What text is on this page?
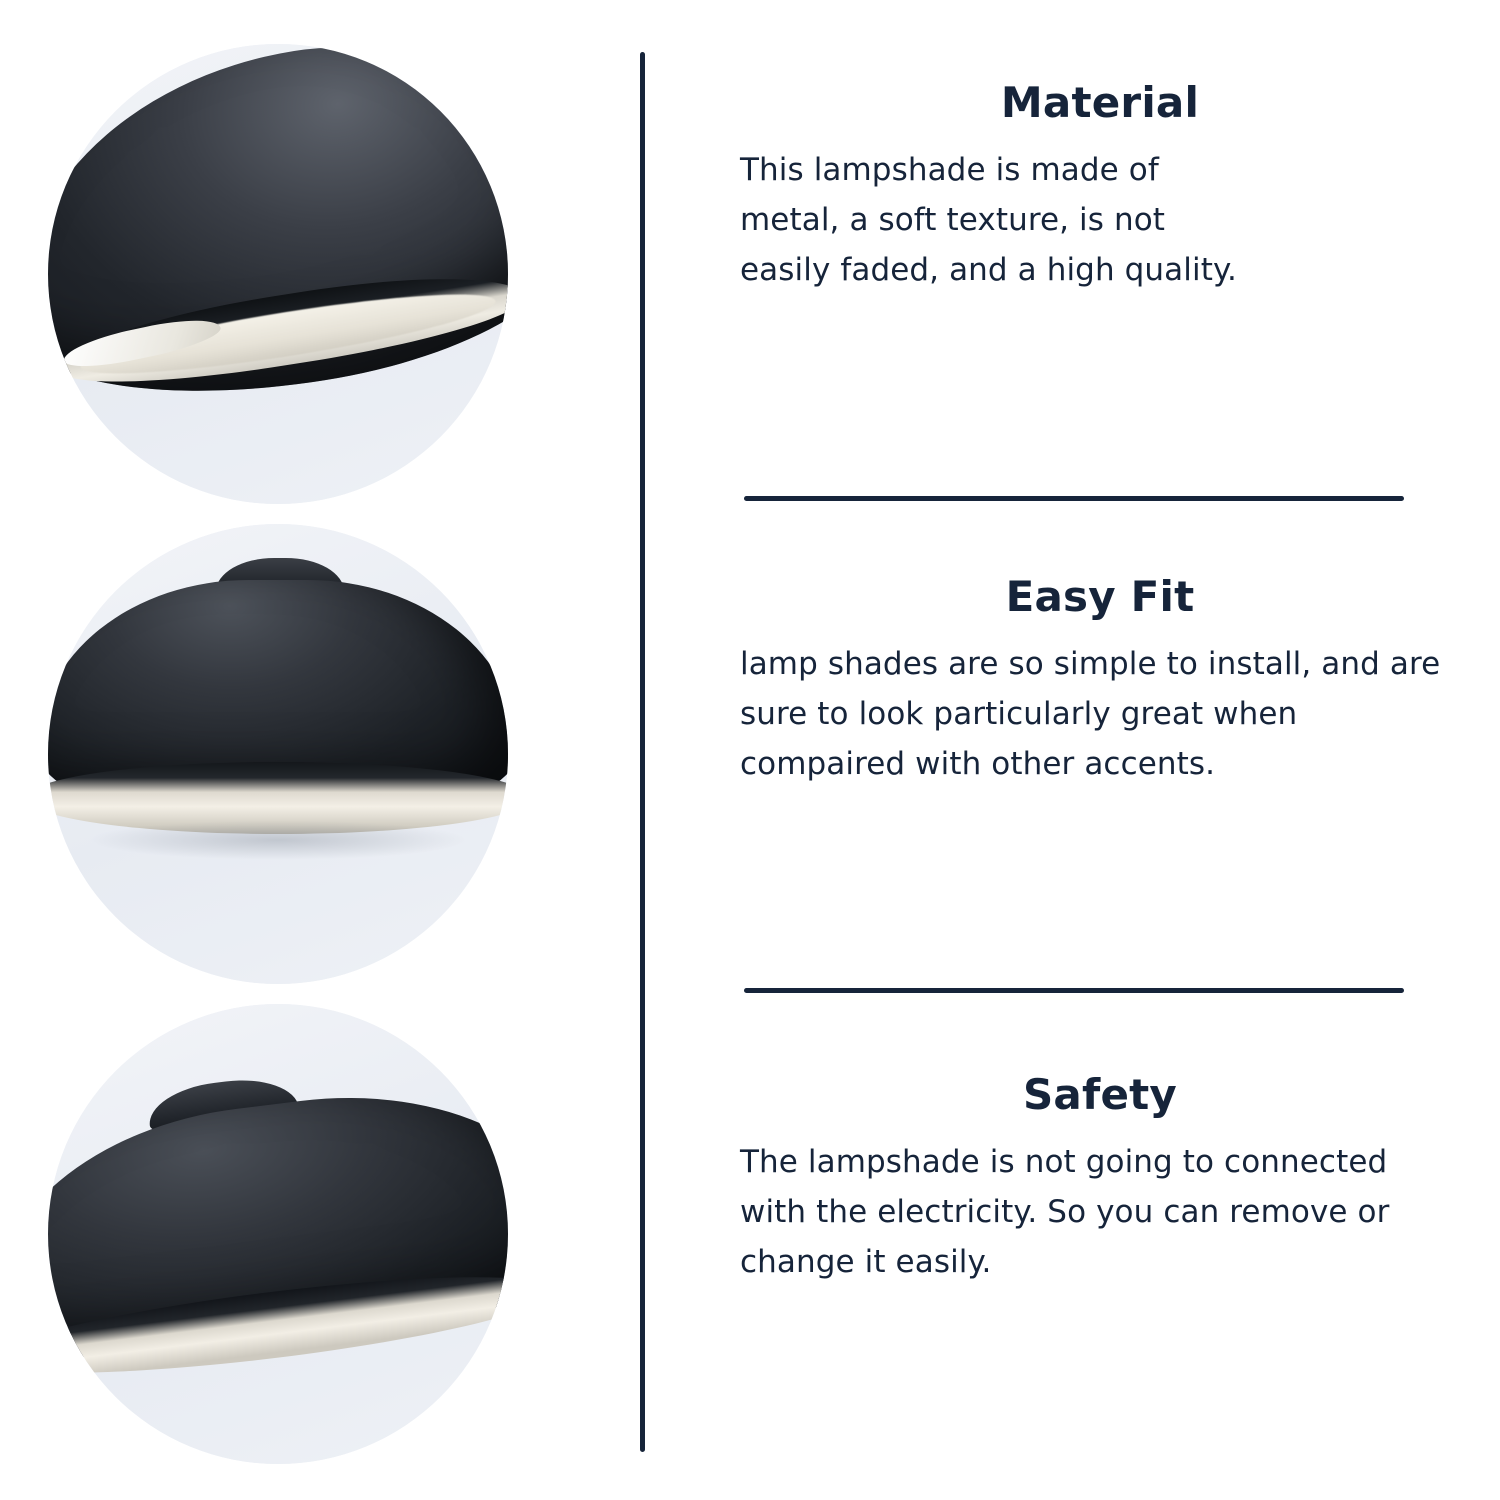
Material

This lampshade is made of metal, a soft texture, is not easily faded, and a high quality.

Easy Fit

lamp shades are so simple to install, and are sure to look particularly great when compaired with other accents.

Safety

The lampshade is not going to connected with the electricity. So you can remove or change it easily.
